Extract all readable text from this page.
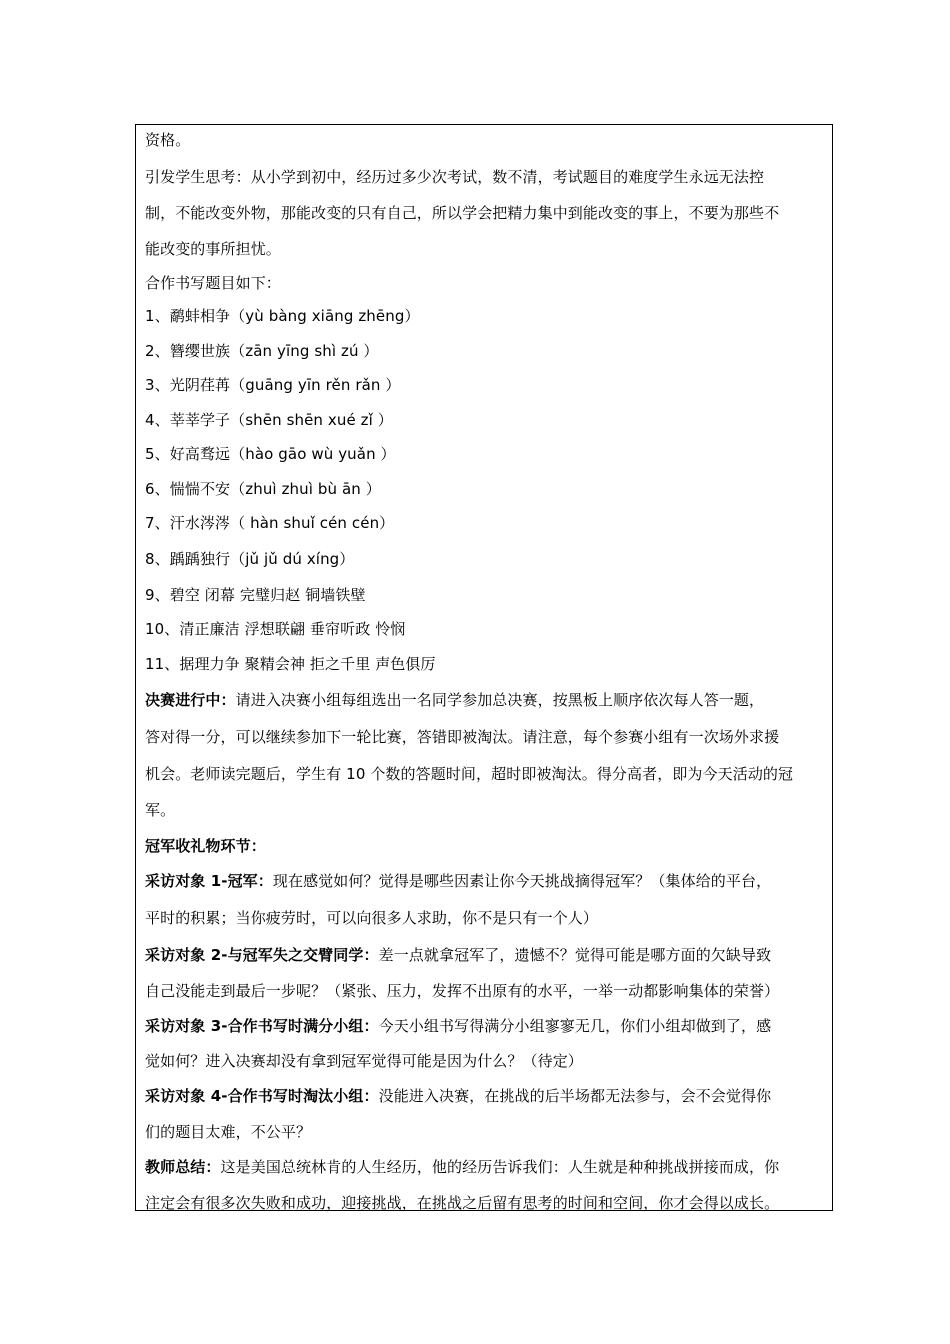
资格。
引发学生思考：从小学到初中，经历过多少次考试，数不清，考试题目的难度学生永远无法控
制，不能改变外物，那能改变的只有自己，所以学会把精力集中到能改变的事上，不要为那些不
能改变的事所担忧。
合作书写题目如下：
1、鹬蚌相争（yù bàng xiāng zhēng）
2、簪缨世族（zān yīng shì zú ）
3、光阴荏苒（guāng yīn rěn rǎn ）
4、莘莘学子（shēn shēn xué zǐ ）
5、好高骛远（hào gāo wù yuǎn ）
6、惴惴不安（zhuì zhuì bù ān ）
7、汗水涔涔（ hàn shuǐ cén cén）
8、踽踽独行（jǔ jǔ dú xíng）
9、碧空 闭幕 完璧归赵 铜墙铁壁
10、清正廉洁 浮想联翩 垂帘听政 怜悯
11、据理力争 聚精会神 拒之千里 声色俱厉
决赛进行中：请进入决赛小组每组选出一名同学参加总决赛，按黑板上顺序依次每人答一题，
答对得一分，可以继续参加下一轮比赛，答错即被淘汰。请注意，每个参赛小组有一次场外求援
机会。老师读完题后，学生有 10 个数的答题时间，超时即被淘汰。得分高者，即为今天活动的冠
军。
冠军收礼物环节：
采访对象 1-冠军：现在感觉如何？觉得是哪些因素让你今天挑战摘得冠军？（集体给的平台，
平时的积累；当你疲劳时，可以向很多人求助，你不是只有一个人）
采访对象 2-与冠军失之交臂同学：差一点就拿冠军了，遗憾不？觉得可能是哪方面的欠缺导致
自己没能走到最后一步呢？（紧张、压力，发挥不出原有的水平，一举一动都影响集体的荣誉）
采访对象 3-合作书写时满分小组：今天小组书写得满分小组寥寥无几，你们小组却做到了，感
觉如何？进入决赛却没有拿到冠军觉得可能是因为什么？（待定）
采访对象 4-合作书写时淘汰小组：没能进入决赛，在挑战的后半场都无法参与，会不会觉得你
们的题目太难，不公平？
教师总结：这是美国总统林肯的人生经历，他的经历告诉我们：人生就是种种挑战拼接而成，你
注定会有很多次失败和成功，迎接挑战，在挑战之后留有思考的时间和空间，你才会得以成长。
